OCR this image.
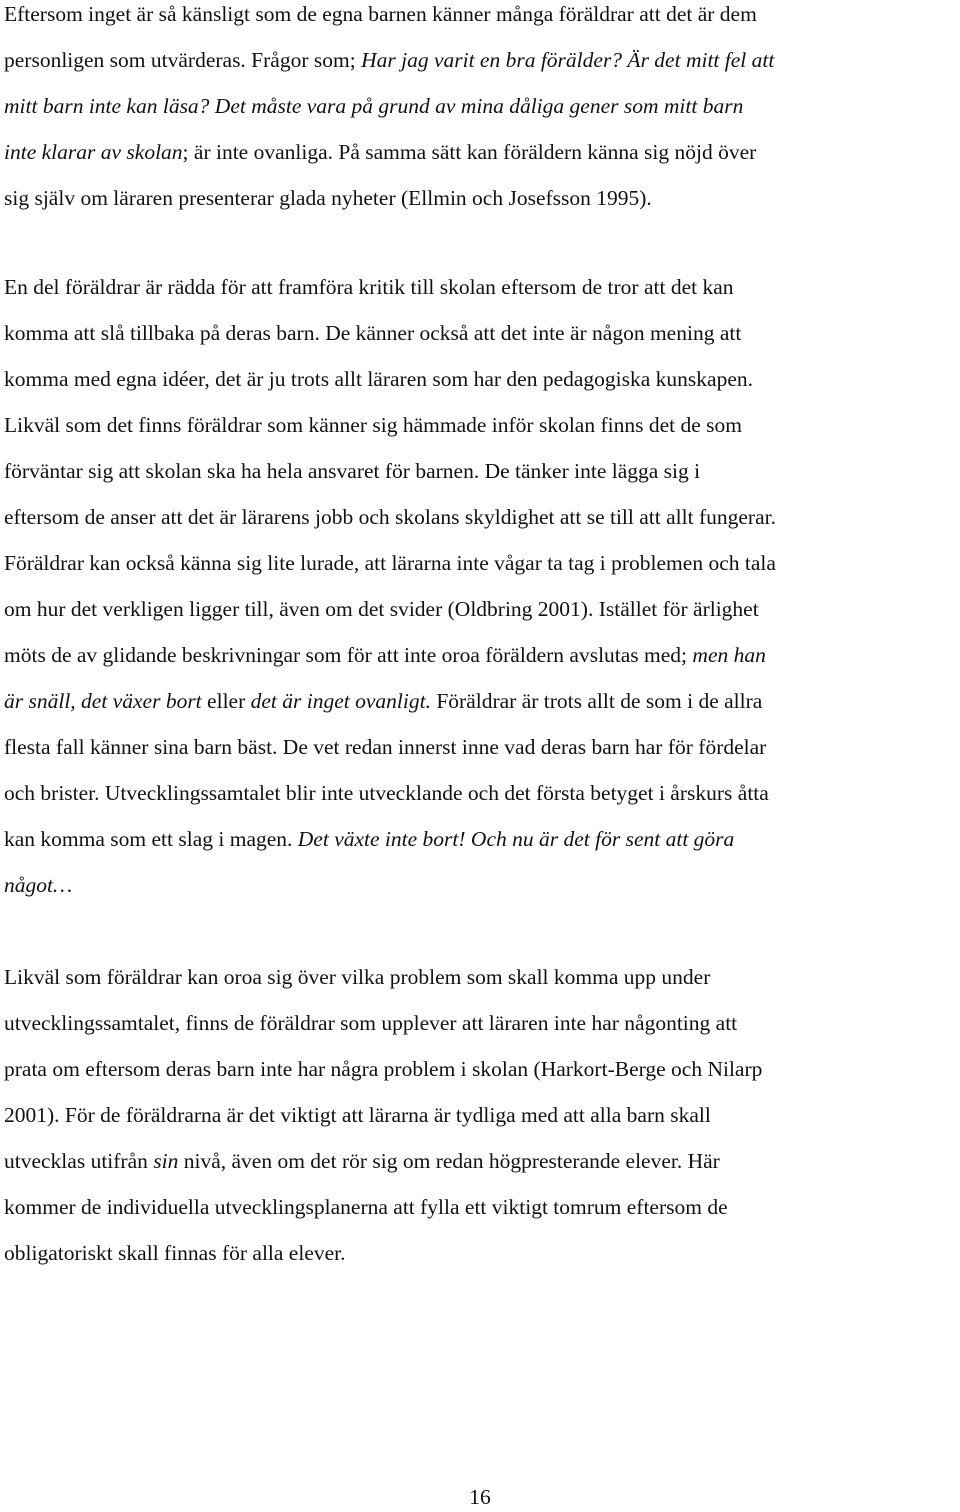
Eftersom inget är så känsligt som de egna barnen känner många föräldrar att det är dem
personligen som utvärderas. Frågor som; Har jag varit en bra förälder? Är det mitt fel att
mitt barn inte kan läsa? Det måste vara på grund av mina dåliga gener som mitt barn
inte klarar av skolan; är inte ovanliga. På samma sätt kan föräldern känna sig nöjd över
sig själv om läraren presenterar glada nyheter (Ellmin och Josefsson 1995).

En del föräldrar är rädda för att framföra kritik till skolan eftersom de tror att det kan
komma att slå tillbaka på deras barn. De känner också att det inte är någon mening att
komma med egna idéer, det är ju trots allt läraren som har den pedagogiska kunskapen.
Likväl som det finns föräldrar som känner sig hämmade inför skolan finns det de som
förväntar sig att skolan ska ha hela ansvaret för barnen. De tänker inte lägga sig i
eftersom de anser att det är lärarens jobb och skolans skyldighet att se till att allt fungerar.
Föräldrar kan också känna sig lite lurade, att lärarna inte vågar ta tag i problemen och tala
om hur det verkligen ligger till, även om det svider (Oldbring 2001). Istället för ärlighet
möts de av glidande beskrivningar som för att inte oroa föräldern avslutas med; men han
är snäll, det växer bort eller det är inget ovanligt. Föräldrar är trots allt de som i de allra
flesta fall känner sina barn bäst. De vet redan innerst inne vad deras barn har för fördelar
och brister. Utvecklingssamtalet blir inte utvecklande och det första betyget i årskurs åtta
kan komma som ett slag i magen. Det växte inte bort! Och nu är det för sent att göra
något…

Likväl som föräldrar kan oroa sig över vilka problem som skall komma upp under
utvecklingssamtalet, finns de föräldrar som upplever att läraren inte har någonting att
prata om eftersom deras barn inte har några problem i skolan (Harkort-Berge och Nilarp
2001). För de föräldrarna är det viktigt att lärarna är tydliga med att alla barn skall
utvecklas utifrån sin nivå, även om det rör sig om redan högpresterande elever. Här
kommer de individuella utvecklingsplanerna att fylla ett viktigt tomrum eftersom de
obligatoriskt skall finnas för alla elever.

16
